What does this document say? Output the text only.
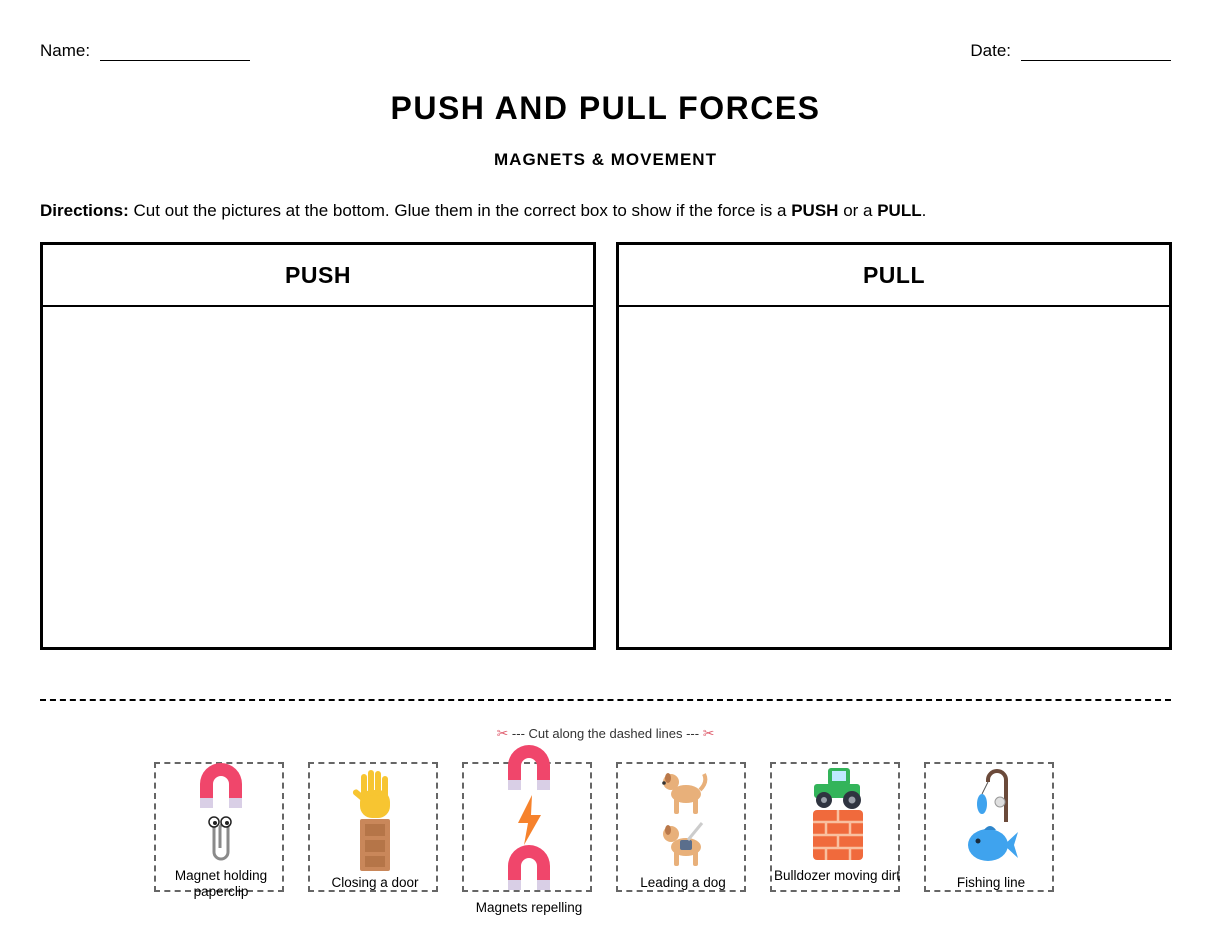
Name:	Date:
PUSH AND PULL FORCES
MAGNETS & MOVEMENT
Directions: Cut out the pictures at the bottom. Glue them in the correct box to show if the force is a PUSH or a PULL.
PUSH	PULL
✂ --- Cut along the dashed lines --- ✂
Magnet holding paperclip
Closing a door
Magnets repelling
Leading a dog	Bulldozer moving dirt	Fishing line
